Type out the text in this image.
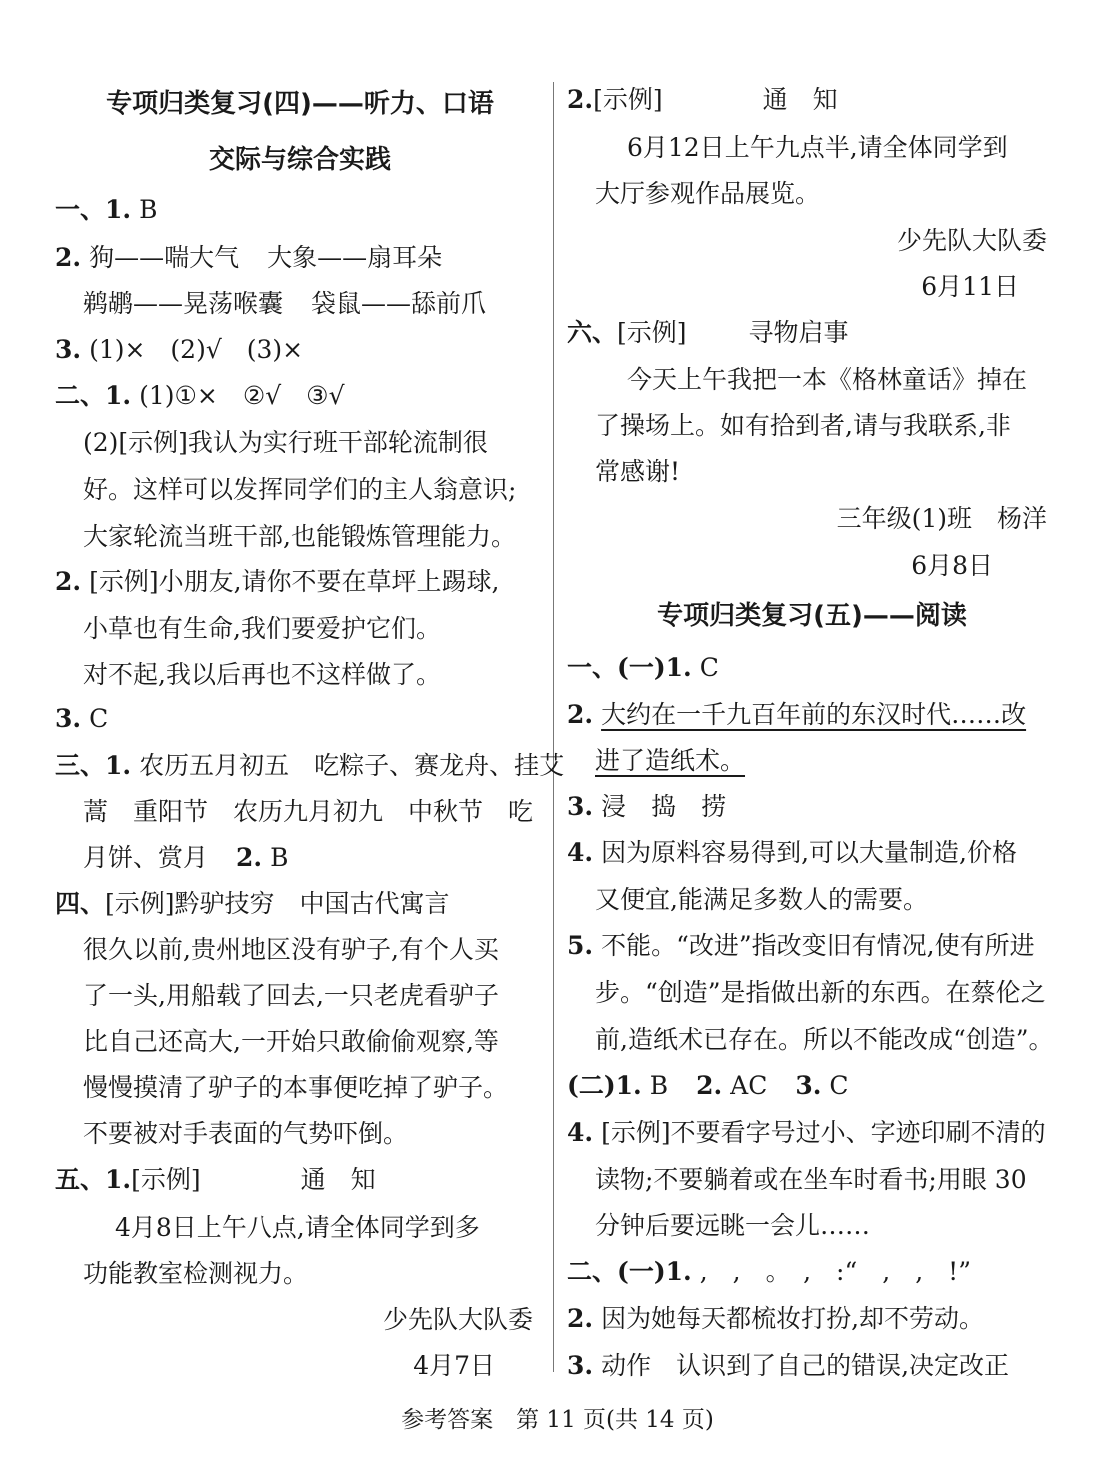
专项归类复习(四)——听力、口语
交际与综合实践
一、1. B
2. 狗——喘大气 大象——扇耳朵
鹈鹕——晃荡喉囊 袋鼠——舔前爪
3. (1)×　(2)√　(3)×
二、1. (1)①×　②√　③√
(2)[示例]我认为实行班干部轮流制很
好。这样可以发挥同学们的主人翁意识;
大家轮流当班干部,也能锻炼管理能力。
2. [示例]小朋友,请你不要在草坪上踢球,
小草也有生命,我们要爱护它们。
对不起,我以后再也不这样做了。
3. C
三、1. 农历五月初五　吃粽子、赛龙舟、挂艾
蒿　重阳节　农历九月初九　中秋节　吃
月饼、赏月 2. B
四、[示例]黔驴技穷　中国古代寓言
很久以前,贵州地区没有驴子,有个人买
了一头,用船载了回去,一只老虎看驴子
比自己还高大,一开始只敢偷偷观察,等
慢慢摸清了驴子的本事便吃掉了驴子。
不要被对手表面的气势吓倒。
五、1.[示例]	通　知
4月8日上午八点,请全体同学到多
功能教室检测视力。
少先队大队委
4月7日
2.[示例]	通　知
6月12日上午九点半,请全体同学到
大厅参观作品展览。
少先队大队委
6月11日
六、[示例] 寻物启事
今天上午我把一本《格林童话》掉在
了操场上。如有拾到者,请与我联系,非
常感谢!
三年级(1)班　杨洋
6月8日
专项归类复习(五)——阅读
一、(一)1. C
2. 大约在一千九百年前的东汉时代……改
进了造纸术。
3. 浸　捣　捞
4. 因为原料容易得到,可以大量制造,价格
又便宜,能满足多数人的需要。
5. 不能。“改进”指改变旧有情况,使有所进
步。“创造”是指做出新的东西。在蔡伦之
前,造纸术已存在。所以不能改成“创造”。
(二)1. B 2. AC 3. C
4. [示例]不要看字号过小、字迹印刷不清的
读物;不要躺着或在坐车时看书;用眼 30
分钟后要远眺一会儿……
二、(一)1. ,　,　。　,　:“　,　,　!”
2. 因为她每天都梳妆打扮,却不劳动。
3. 动作　认识到了自己的错误,决定改正
参考答案　第 11 页(共 14 页)
